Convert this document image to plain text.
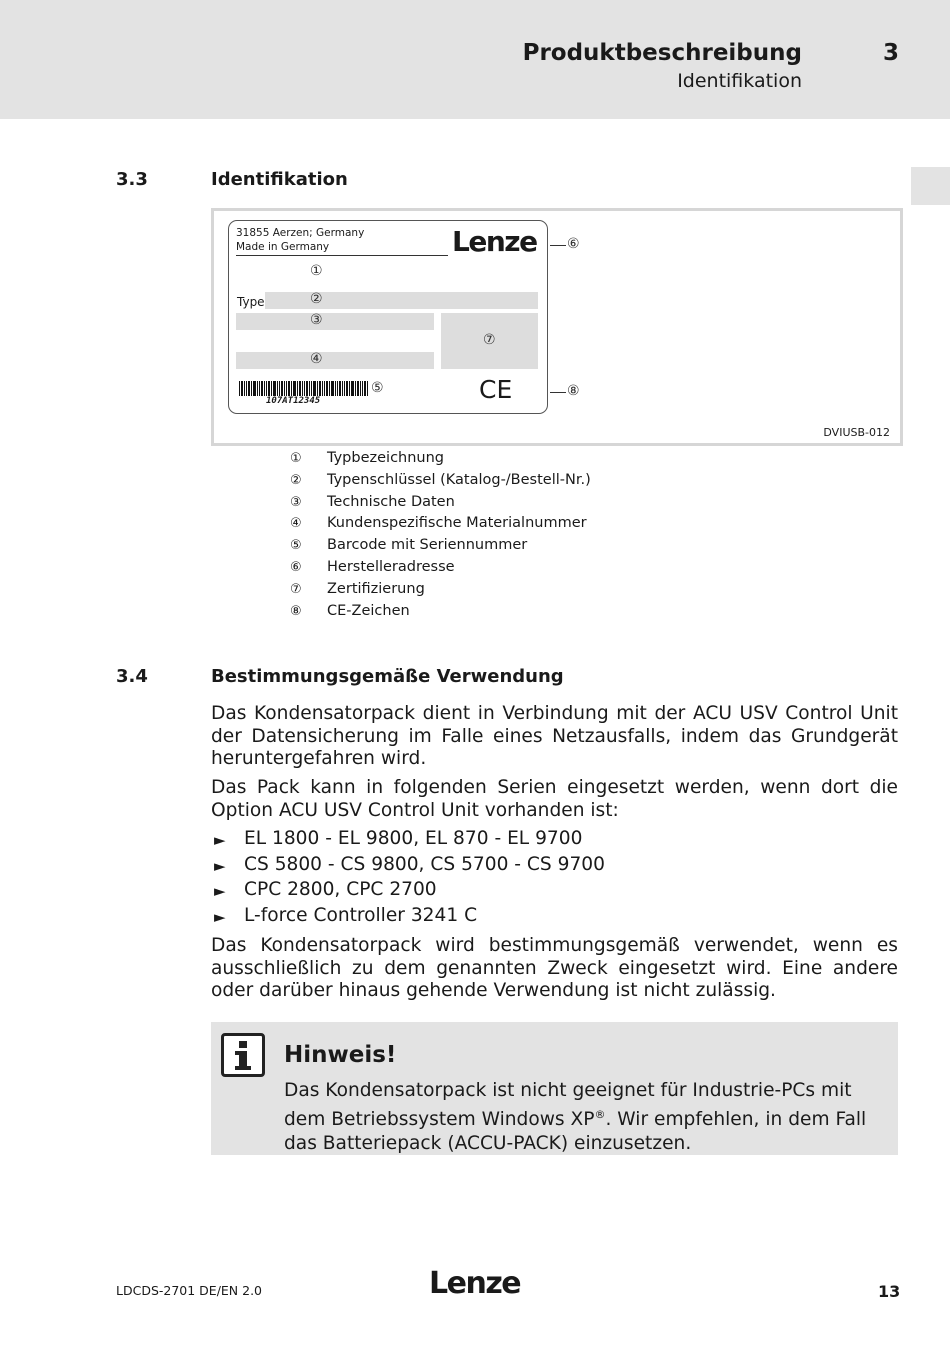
Produktbeschreibung
Identifikation
3
3.3	Identifikation
DVIUSB-012
31855 Aerzen; Germany
Made in Germany	Lenze
①
Type	②
③
⑦
④
107AT12345
⑤	CE
⑥
⑧
① Typbezeichnung
② Typenschlüssel (Katalog-/Bestell-Nr.)
③ Technische Daten
④ Kundenspezifische Materialnummer
⑤ Barcode mit Seriennummer
⑥ Herstelleradresse
⑦ Zertifizierung
⑧ CE-Zeichen
3.4	Bestimmungsgemäße Verwendung
Das Kondensatorpack dient in Verbindung mit der ACU USV Control Unit der Datensicherung im Falle eines Netzausfalls, indem das Grundgerät heruntergefahren wird.
Das Pack kann in folgenden Serien eingesetzt werden, wenn dort die Option ACU USV Control Unit vorhanden ist:
► EL 1800 - EL 9800, EL 870 - EL 9700
► CS 5800 - CS 9800, CS 5700 - CS 9700
► CPC 2800, CPC 2700
► L-force Controller 3241 C
Das Kondensatorpack wird bestimmungsgemäß verwendet, wenn es ausschließlich zu dem genannten Zweck eingesetzt wird. Eine andere oder darüber hinaus gehende Verwendung ist nicht zulässig.
Hinweis!
Das Kondensatorpack ist nicht geeignet für Industrie-PCs mit dem Betriebssystem Windows XP®. Wir empfehlen, in dem Fall das Batteriepack (ACCU-PACK) einzusetzen.
LDCDS-2701 DE/EN 2.0	Lenze	13
